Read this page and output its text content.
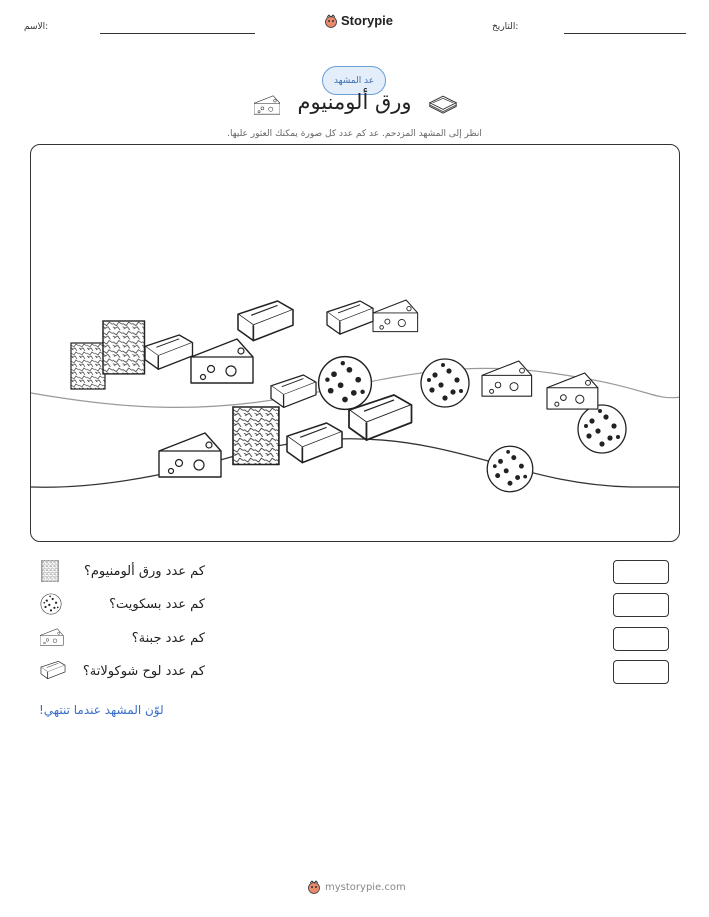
الاسم:	Storypie	التاريخ:
عد المشهد
ورق ألومنيوم
انظر إلى المشهد المزدحم. عد كم عدد كل صورة يمكنك العثور عليها.
كم عدد ورق ألومنيوم؟
كم عدد بسكويت؟
كم عدد جبنة؟
كم عدد لوح شوكولاتة؟
لوّن المشهد عندما تنتهي!
mystorypie.com
